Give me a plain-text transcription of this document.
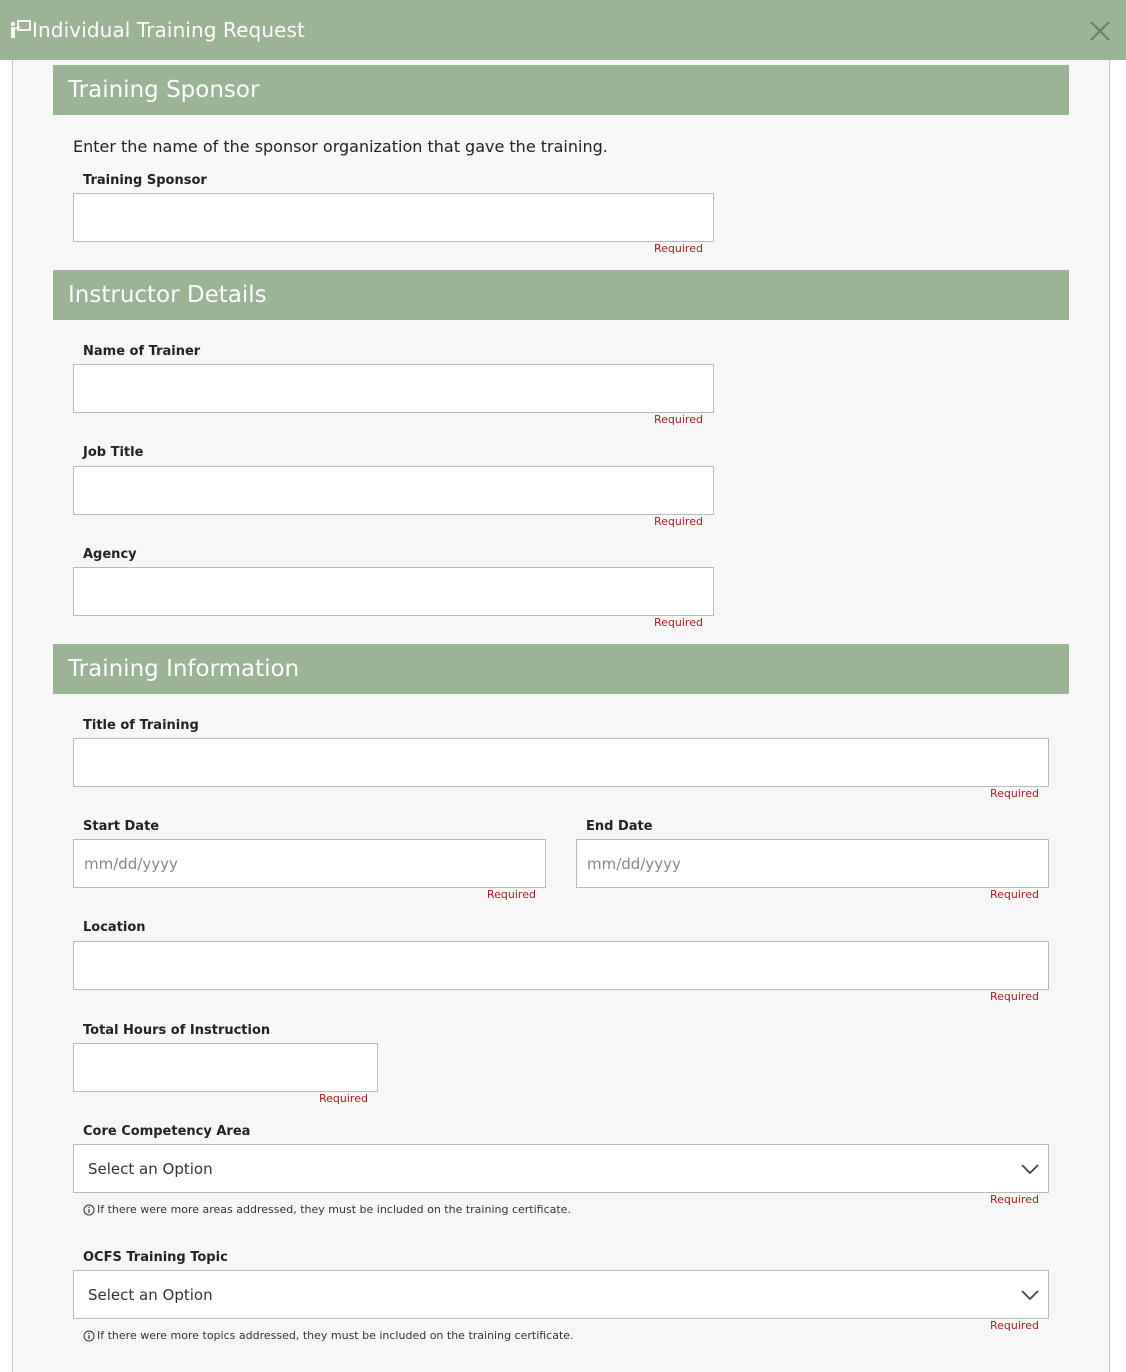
Individual Training Request
Training Sponsor
Enter the name of the sponsor organization that gave the training.
Training Sponsor
Required
Instructor Details
Name of Trainer
Required
Job Title
Required
Agency
Required
Training Information
Title of Training
Required
Start Date
mm/dd/yyyy
Required
End Date
mm/dd/yyyy
Required
Location
Required
Total Hours of Instruction
Required
Core Competency Area
Select an Option
Required
If there were more areas addressed, they must be included on the training certificate.
OCFS Training Topic
Select an Option
Required
If there were more topics addressed, they must be included on the training certificate.
